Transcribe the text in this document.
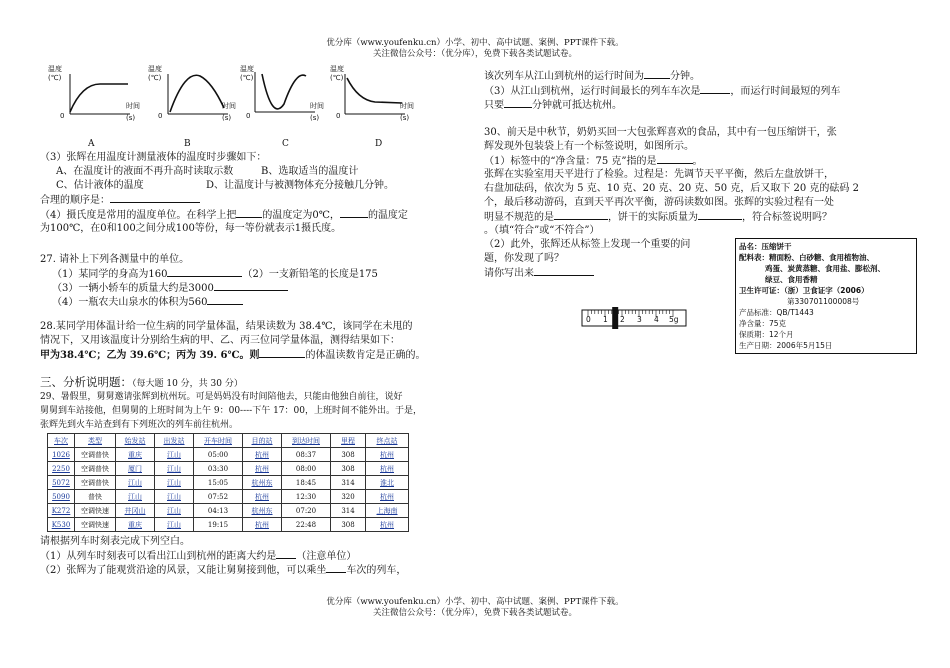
优分库（www.youfenku.cn）小学、初中、高中试题、案例、PPT课件下载。
关注微信公众号：（优分库），免费下载各类试题试卷。
温度
(℃)
0
时间
(s)
温度
(℃)
0
时间
(s)
温度
(℃)
0
时间
(s)
温度
(℃)
0
时间
(s)
A	B	C	D
（3）张辉在用温度计测量液体的温度时步骤如下：
A、在温度计的液面不再升高时读取示数	B、选取适当的温度计
C、估计液体的温度	D、让温度计与被测物体充分接触几分钟。
合理的顺序是：
（4）摄氏度是常用的温度单位。在科学上把	的温度定为0℃，	的温度定
为100℃，在0和100之间分成100等份，每一等份就表示1摄氏度。
27. 请补上下列各测量中的单位。
（1）某同学的身高为160	（2）一支新铅笔的长度是175
（3）一辆小轿车的质量大约是3000
（4）一瓶农夫山泉水的体积为560
28.某同学用体温计给一位生病的同学量体温，结果读数为 38.4℃，该同学在未甩的
情况下，又用该温度计分别给生病的甲、乙、丙三位同学量体温，测得结果如下：
甲为38.4℃；乙为 39.6℃；丙为 39. 6℃。则	的体温读数肯定是正确的。
三、分析说明题：（每大题 10 分，共 30 分）
29、暑假里，舅舅邀请张辉到杭州玩。可是妈妈没有时间陪他去，只能由他独自前往，说好
舅舅到车站接他，但舅舅的上班时间为上午 9：00----下午 17：00，上班时间不能外出。于是，
张辉先到火车站查到有下列班次的列车前往杭州。
车次	类型	始发站	出发站	开车时间	目的站	到达时间	里程	终点站
1026	空调普快	重庆	江山	05:00	杭州	08:37	308	杭州
2250	空调普快	厦门	江山	03:30	杭州	08:00	308	杭州
5072	空调普快	江山	江山	15:05	杭州东	18:45	314	淮北
5090	普快	江山	江山	07:52	杭州	12:30	320	杭州
K272	空调快速	井冈山	江山	04:13	杭州东	07:20	314	上海南
K530	空调快速	重庆	江山	19:15	杭州	22:48	308	杭州
请根据列车时刻表完成下列空白。
（1）从列车时刻表可以看出江山到杭州的距离大约是 （注意单位）
（2）张辉为了能观赏沿途的风景，又能让舅舅接到他，可以乘坐 车次的列车，
该次列车从江山到杭州的运行时间为	分钟。
（3）从江山到杭州，运行时间最长的列车车次是	，而运行时间最短的列车
只要	分钟就可抵达杭州。
30、前天是中秋节，奶奶买回一大包张辉喜欢的食品，其中有一包压缩饼干，张
辉发现外包装袋上有一个标签说明，如图所示。
（1）标签中的“净含量：75 克”指的是	。
张辉在实验室用天平进行了检验。过程是：先调节天平平衡，然后左盘放饼干，
右盘加砝码，依次为 5 克、10 克、20 克、20 克、50 克，后又取下 20 克的砝码 2
个，最后移动游码，直到天平再次平衡，游码读数如图。张辉的实验过程有一处
明显不规范的是	，饼干的实际质量为	，符合标签说明吗？
。（填“符合”或“不符合”）
（2）此外，张辉还从标签上发现一个重要的问
题，你发现了吗？
请你写出来
品名：压缩饼干
配料表：精面粉、白砂糖、食用植物油、
鸡蛋、炭黄蒸糖、食用盐、膨松剂、
绿豆、食用香精
卫生许可证：（浙）卫食证字（2006）
第330701100008号
产品标准：QB/T1443
净含量：75克
保质期：12个月
生产日期：2006年5月15日
0 1 2 3 4 5g
优分库（www.youfenku.cn）小学、初中、高中试题、案例、PPT课件下载。
关注微信公众号：（优分库），免费下载各类试题试卷。
